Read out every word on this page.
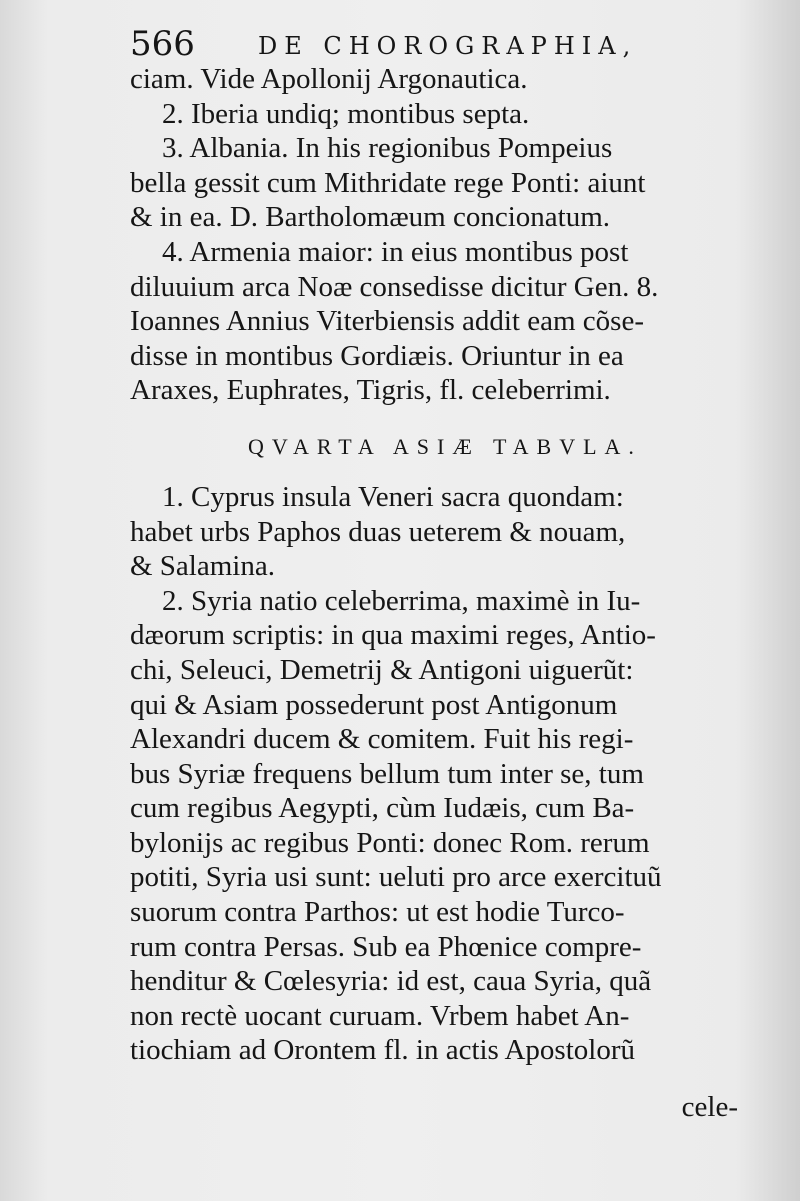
566	DE CHOROGRAPHIA,
ciam. Vide Apollonij Argonautica.
2. Iberia undiq; montibus septa.
3. Albania. In his regionibus Pompeius
bella gessit cum Mithridate rege Ponti: aiunt
& in ea. D. Bartholomæum concionatum.
4. Armenia maior: in eius montibus post
diluuium arca Noæ consedisse dicitur Gen. 8.
Ioannes Annius Viterbiensis addit eam cõse-
disse in montibus Gordiæis. Oriuntur in ea
Araxes, Euphrates, Tigris, fl. celeberrimi.
QVARTA ASIÆ TABVLA.
1. Cyprus insula Veneri sacra quondam:
habet urbs Paphos duas ueterem & nouam,
& Salamina.
2. Syria natio celeberrima, maximè in Iu-
dæorum scriptis: in qua maximi reges, Antio-
chi, Seleuci, Demetrij & Antigoni uiguerũt:
qui & Asiam possederunt post Antigonum
Alexandri ducem & comitem. Fuit his regi-
bus Syriæ frequens bellum tum inter se, tum
cum regibus Aegypti, cùm Iudæis, cum Ba-
bylonijs ac regibus Ponti: donec Rom. rerum
potiti, Syria usi sunt: ueluti pro arce exercituũ
suorum contra Parthos: ut est hodie Turco-
rum contra Persas. Sub ea Phœnice compre-
henditur & Cœlesyria: id est, caua Syria, quã
non rectè uocant curuam. Vrbem habet An-
tiochiam ad Orontem fl. in actis Apostolorũ
cele-
